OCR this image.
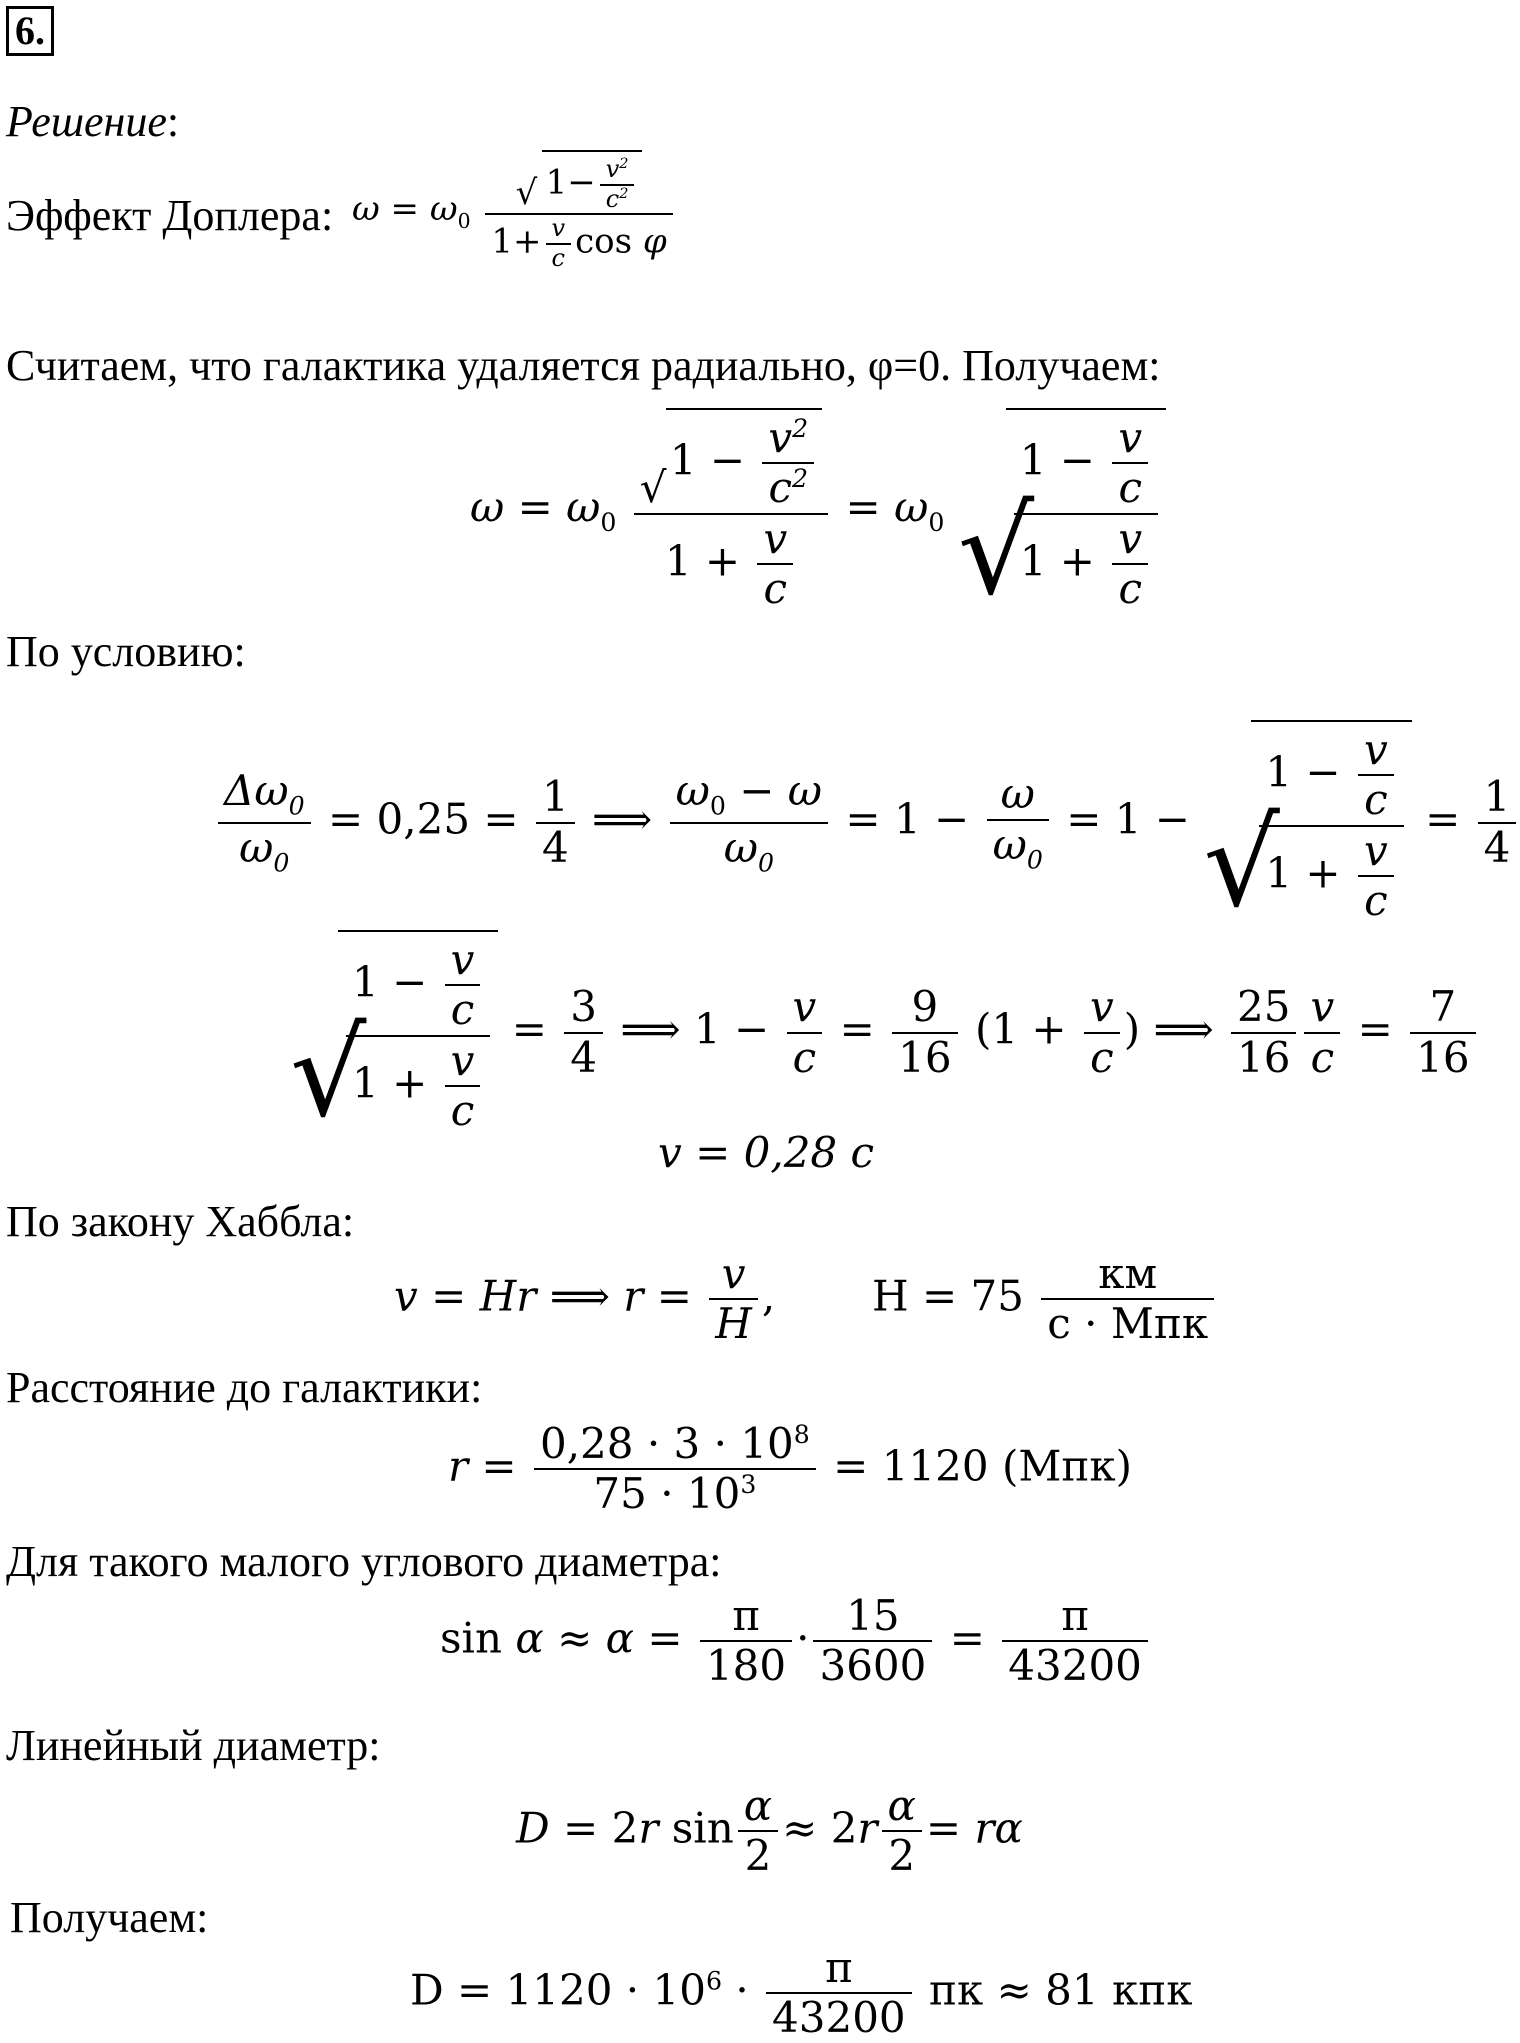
6.
Решение:
Эффект Доплера: $\omega = \omega_0 \frac{√ 1- \frac{v^2}{c^2}}{1+ \frac{v}{c} \cos \varphi}$
Считаем, что галактика удаляется радиально, φ=0. Получаем:
$\omega = \omega_0$ √
$1 - \frac{v^2}{c^2}$
$1 + \frac{v}{c} = \omega_0$ √
$\frac{1 - \frac{v}{c}}{1 + \frac{v}{c}}$
По условию:
$\frac{\Delta\omega_0}{\omega_0} = 0,25 = \frac{1}{4}$ ⟹ $\frac{\omega_0 - \omega}{\omega_0} = 1 - \frac{\omega}{\omega_0} = 1$ − √
$\frac{1 - \frac{v}{c}}{1 + \frac{v}{c}} = \frac{1}{4}$
√
$\frac{1 - \frac{v}{c}}{1 + \frac{v}{c}} = \frac{3}{4}$ ⟹ $1 - \frac{v}{c} = \frac{9}{16} (1 + \frac{v}{c}$ ) ⟹ $\frac{25}{16} \frac{v}{c} = \frac{7}{16}$
v = 0,28 c
По закону Хаббла:
v = Hr ⟹ $r = \frac{v}{H}$ ,  $H = 75 \frac{км}{\text{с · Мпк}}$
Расстояние до галактики:
$r = \frac{0,28 \cdot 3 \cdot 10^8}{75 \cdot 10^3} = 1120$ (Мпк)
Для такого малого углового диаметра:
$\sin \alpha \approx \alpha = \frac{\pi}{180} \cdot \frac{15}{3600} = \frac{\pi}{43200}$
Линейный диаметр:
D = 2r $\sin \frac{\alpha}{2} \approx 2r \frac{\alpha}{2} = r\alpha$
Получаем:
$D = 1120 \cdot 10^6 \cdot \frac{\pi}{43200}$ пк ≈ 81 кпк
